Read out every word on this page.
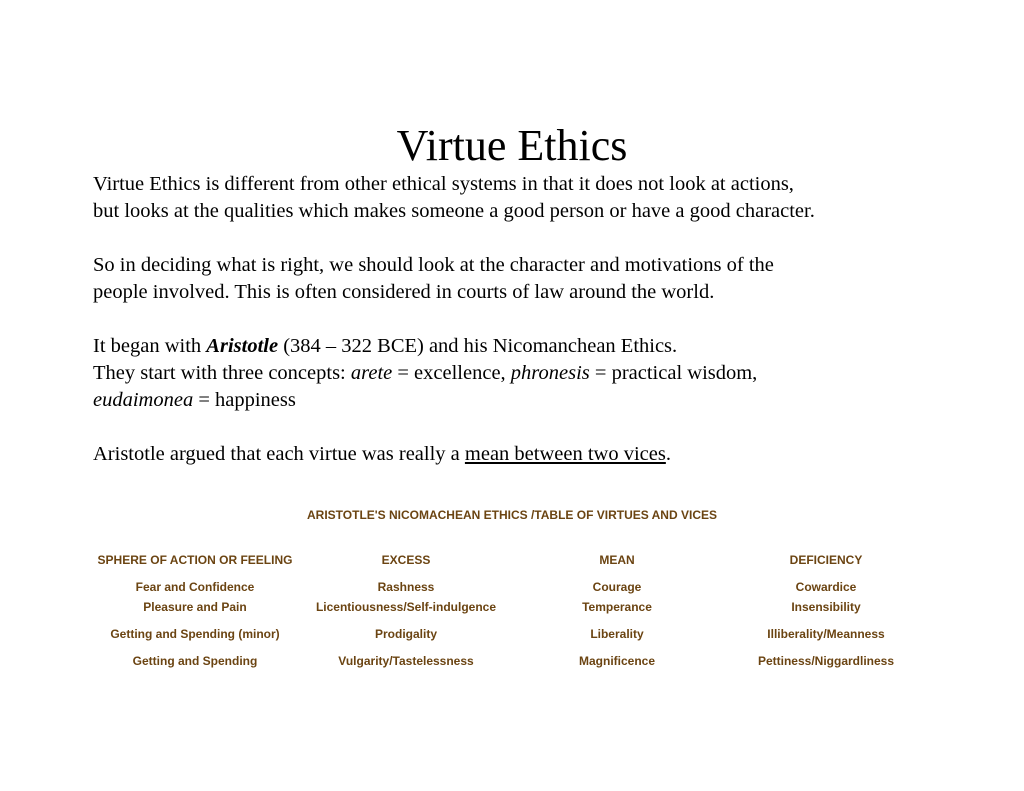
Virtue Ethics

Virtue Ethics is different from other ethical systems in that it does not look at actions,

but looks at the qualities which makes someone a good person or have a good character.

So in deciding what is right, we should look at the character and motivations of the

people involved. This is often considered in courts of law around the world.

It began with Aristotle (384 – 322 BCE) and his Nicomanchean Ethics.

They start with three concepts: arete = excellence, phronesis = practical wisdom,

eudaimonea = happiness

Aristotle argued that each virtue was really a mean between two vices.

ARISTOTLE'S NICOMACHEAN ETHICS /TABLE OF VIRTUES AND VICES
SPHERE OF ACTION OR FEELING	EXCESS	MEAN	DEFICIENCY
Fear and Confidence	Rashness	Courage	Cowardice
Pleasure and Pain	Licentiousness/Self-indulgence	Temperance	Insensibility
Getting and Spending (minor)	Prodigality	Liberality	Illiberality/Meanness
Getting and Spending	Vulgarity/Tastelessness	Magnificence	Pettiness/Niggardliness
